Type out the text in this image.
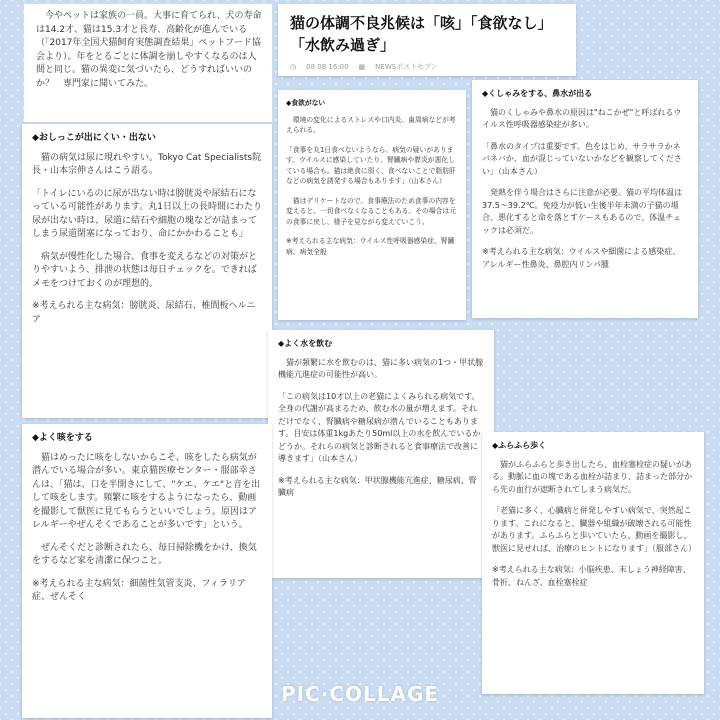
今やペットは家族の一員。大事に育てられ、犬の寿命は14.2才、猫は15.3才と長寿、高齢化が進んでいる（「2017年全国犬猫飼育実態調査結果」ペットフード協会より）。年をとるごとに体調を崩しやすくなるのは人間と同じ。猫の異変に気づいたら、どうすればいいのか？　専門家に聞いてみた。

猫の体調不良兆候は「咳」「食欲なし」「水飲み過ぎ」
◷ 08.08 16:00 ▦ NEWSポストセブン
◆おしっこが出にくい・出ない

猫の病気は尿に現れやすい。Tokyo Cat Specialists院長・山本宗伸さんはこう語る。

「トイレにいるのに尿が出ない時は膀胱炎や尿結石になっている可能性があります。丸1日以上の長時間にわたり尿が出ない時は、尿道に結石や細胞の塊などが詰まってしまう尿道閉塞になっており、命にかかわることも」

病気が慢性化した場合、食事を変えるなどの対策がとりやすいよう、排泄の状態は毎日チェックを。できればメモをつけておくのが理想的。

※考えられる主な病気：膀胱炎、尿結石、椎間板ヘルニア

◆食欲がない

環境の変化によるストレスや口内炎、歯周病などが考えられる。

「食事を丸1日食べないようなら、病気の疑いがあります。ウイルスに感染していたり、腎臓病や膵炎が悪化している場合も。猫は絶食に弱く、食べないことで脂肪肝などの病気を誘発する場合もあります」（山本さん）

猫はデリケートなので、食事療法のため食事の内容を変えると、一切食べなくなることもある。その場合は元の食事に戻し、様子を見ながら変えていこう。

※考えられる主な病気：ウイルス性呼吸器感染症、腎臓病、病気全般

◆くしゃみをする、鼻水が出る

猫のくしゃみや鼻水の原因は"ねこかぜ"と呼ばれるウイルス性呼吸器感染症が多い。

「鼻水のタイプは重要です。色をはじめ、サラサラかネバネバか、血が混じっていないかなどを観察してください」（山本さん）

発熱を伴う場合はさらに注意が必要。猫の平均体温は37.5〜39.2℃。免疫力が低い生後半年未満の子猫の場合、悪化すると命を落とすケースもあるので、体温チェックは必須だ。

※考えられる主な病気：ウイルスや細菌による感染症、アレルギー性鼻炎、鼻腔内リンパ腫

◆よく水を飲む

猫が頻繁に水を飲むのは、猫に多い病気の1つ・甲状腺機能亢進症の可能性が高い。

「この病気は10才以上の老猫によくみられる病気です。全身の代謝が高まるため、飲む水の量が増えます。それだけでなく、腎臓病や糖尿病が潜んでいることもあります。目安は体重1kgあたり50ml以上の水を飲んでいるかどうか。それらの病気と診断されると食事療法で改善に導きます」（山本さん）

※考えられる主な病気：甲状腺機能亢進症、糖尿病、腎臓病

◆よく咳をする

猫はめったに咳をしないからこそ、咳をしたら病気が潜んでいる場合が多い。東京猫医療センター・服部幸さんは、「猫は、口を半開きにして、"ケエ、ケエ"と音を出して咳をします。頻繁に咳をするようになったら、動画を撮影して獣医に見てもらうといいでしょう。原因はアレルギーやぜんそくであることが多いです」という。

ぜんそくだと診断されたら、毎日掃除機をかけ、換気をするなど家を清潔に保つこと。

※考えられる主な病気：細菌性気管支炎、フィラリア症、ぜんそく

◆ふらふら歩く

猫がふらふらと歩き出したら、血栓塞栓症の疑いがある。動脈に血の塊である血栓が詰まり、詰まった部分から先の血行が遮断されてしまう病気だ。

「老猫に多く、心臓病と併発しやすい病気で、突然起こります。これになると、臓器や組織が破壊される可能性があります。ふらふらと歩いていたら、動画を撮影し、獣医に見せれば、治療のヒントになります」（服部さん）

※考えられる主な病気：小脳疾患、末しょう神経障害、骨折、ねんざ、血栓塞栓症

PIC·COLLAGE
